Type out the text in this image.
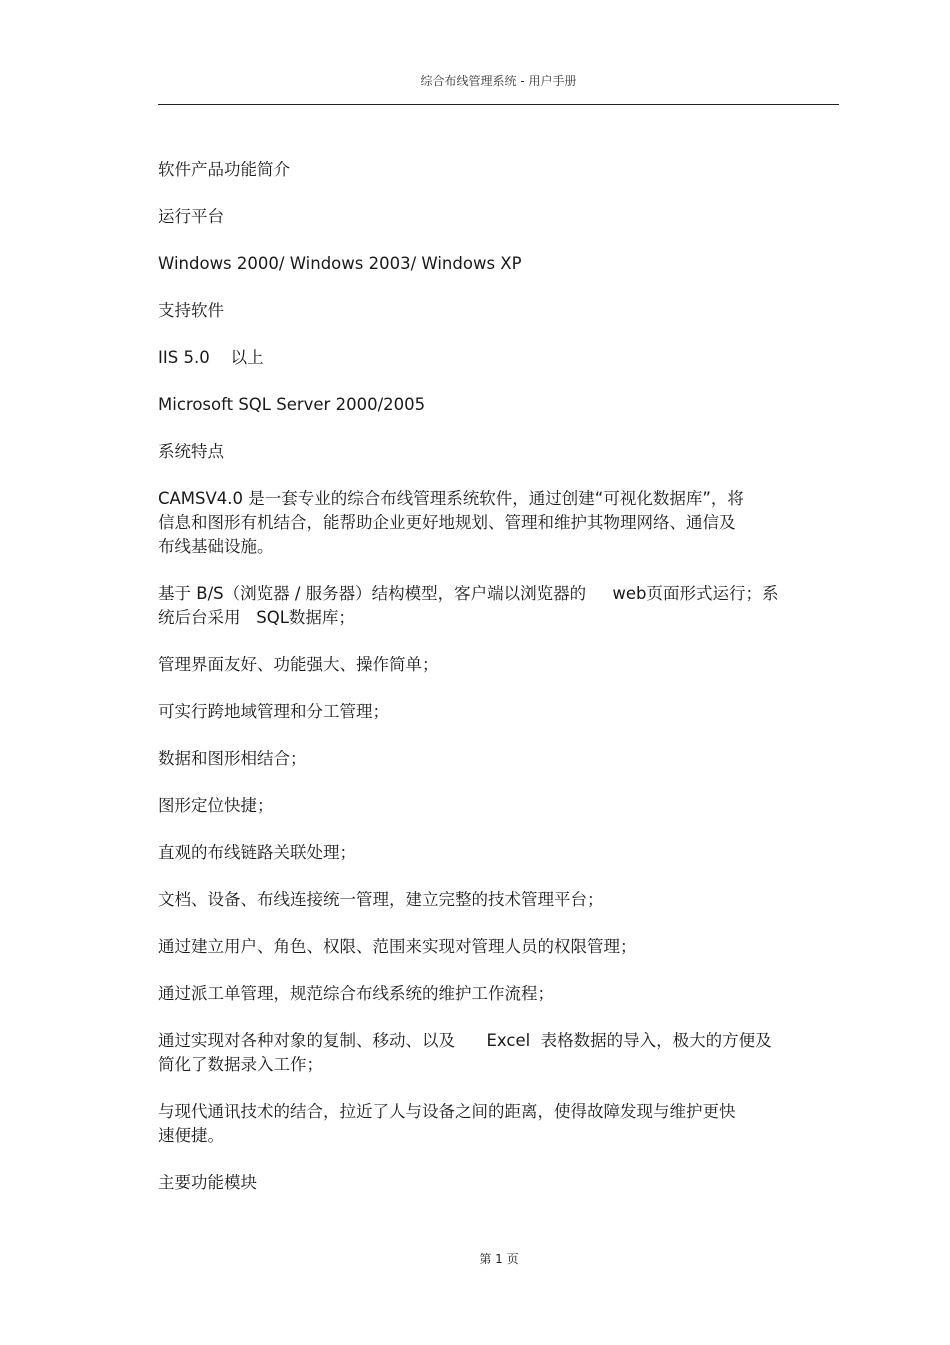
综合布线管理系统 - 用户手册

软件产品功能简介

运行平台

Windows 2000/ Windows 2003/ Windows XP

支持软件

IIS 5.0    以上

Microsoft SQL Server 2000/2005

系统特点

CAMSV4.0 是一套专业的综合布线管理系统软件，通过创建“可视化数据库”，将
信息和图形有机结合，能帮助企业更好地规划、管理和维护其物理网络、通信及
布线基础设施。

基于 B/S（浏览器 / 服务器）结构模型，客户端以浏览器的     web页面形式运行；系
统后台采用   SQL数据库；

管理界面友好、功能强大、操作简单；

可实行跨地域管理和分工管理；

数据和图形相结合；

图形定位快捷；

直观的布线链路关联处理；

文档、设备、布线连接统一管理，建立完整的技术管理平台；

通过建立用户、角色、权限、范围来实现对管理人员的权限管理；

通过派工单管理，规范综合布线系统的维护工作流程；

通过实现对各种对象的复制、移动、以及      Excel  表格数据的导入，极大的方便及
简化了数据录入工作；

与现代通讯技术的结合，拉近了人与设备之间的距离，使得故障发现与维护更快
速便捷。

主要功能模块

第 1 页
